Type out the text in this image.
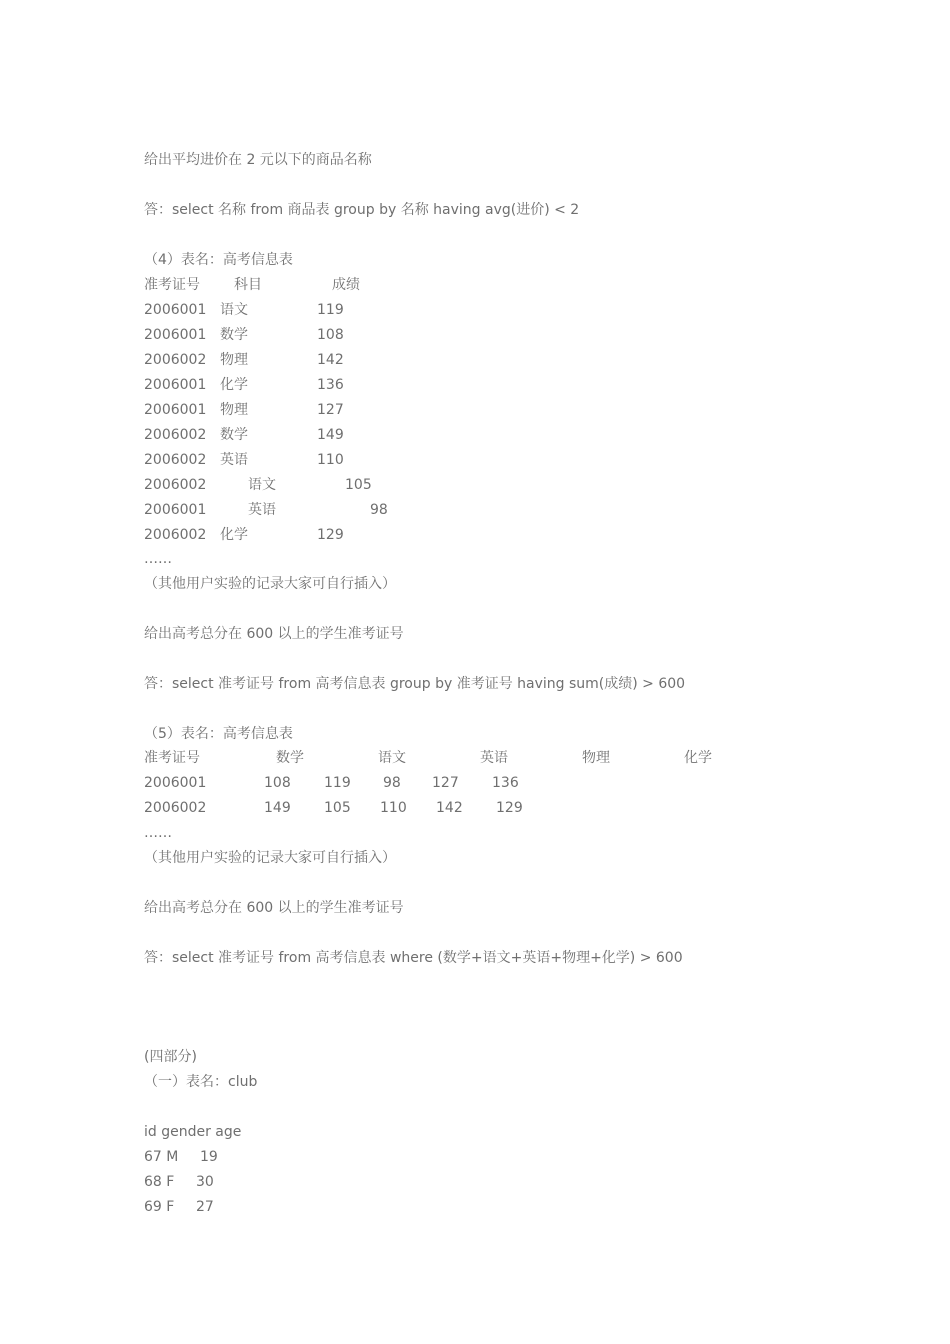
给出平均进价在 2 元以下的商品名称
答：select 名称 from 商品表 group by 名称 having avg(进价) < 2
（4）表名：高考信息表
准考证号 科目	成绩
2006001 语文	119
2006001 数学	108
2006002 物理	142
2006001 化学	136
2006001 物理	127
2006002 数学	149
2006002 英语	110
2006002	语文	105
2006001	英语	98
2006002 化学	129
……
（其他用户实验的记录大家可自行插入）
给出高考总分在 600 以上的学生准考证号
答：select 准考证号 from 高考信息表 group by 准考证号 having sum(成绩) > 600
（5）表名：高考信息表
准考证号	数学	语文	英语	物理	化学
2006001	108 119 98 127 136
2006002	149 105 110 142 129
……
（其他用户实验的记录大家可自行插入）
给出高考总分在 600 以上的学生准考证号
答：select 准考证号 from 高考信息表 where (数学+语文+英语+物理+化学) > 600
(四部分)
（一）表名：club
id gender age
67 M 19
68 F 30
69 F 27
